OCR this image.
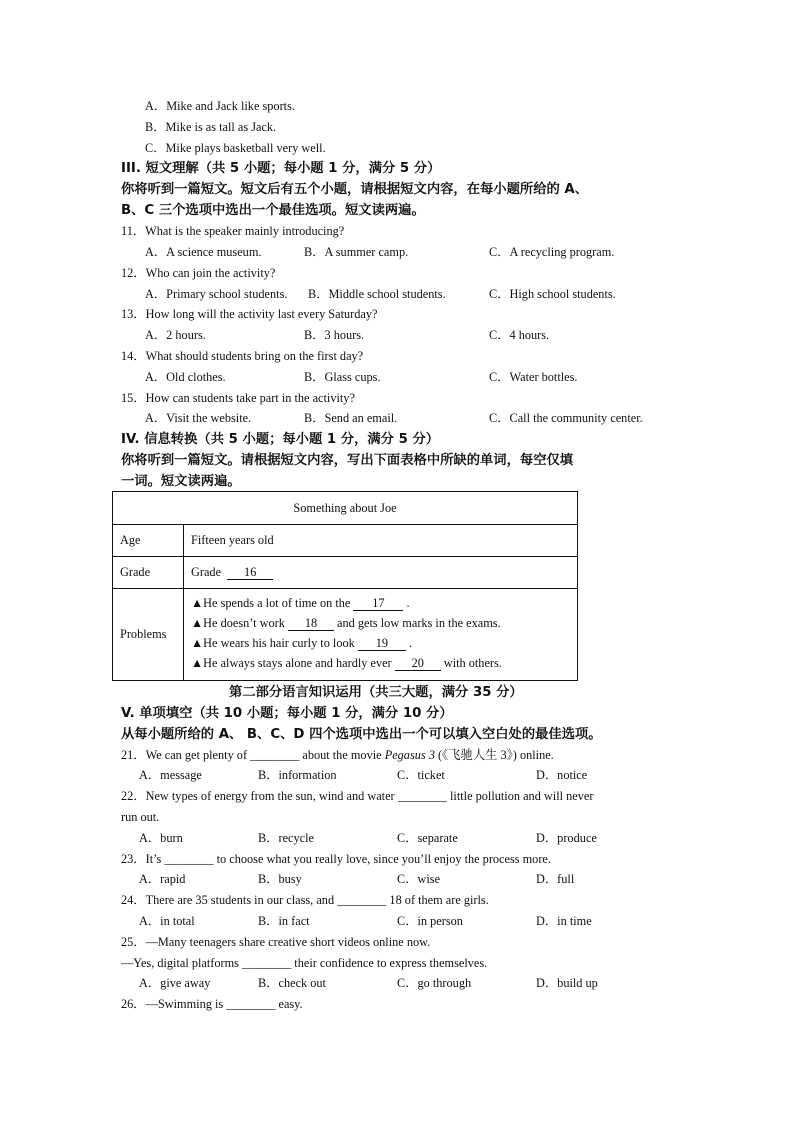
A．Mike and Jack like sports.
B．Mike is as tall as Jack.
C．Mike plays basketball very well.
III. 短文理解（共 5 小题；每小题 1 分，满分 5 分）
你将听到一篇短文。短文后有五个小题，请根据短文内容，在每小题所给的 A、
B、C 三个选项中选出一个最佳选项。短文读两遍。
11．What is the speaker mainly introducing?
A．A science museum.	B．A summer camp.	C．A recycling program.
12．Who can join the activity?
A．Primary school students. B．Middle school students.	C．High school students.
13．How long will the activity last every Saturday?
A．2 hours.	B．3 hours.	C．4 hours.
14．What should students bring on the first day?
A．Old clothes.	B．Glass cups.	C．Water bottles.
15．How can students take part in the activity?
A．Visit the website.	B．Send an email.	C．Call the community center.
IV. 信息转换（共 5 小题；每小题 1 分，满分 5 分）
你将听到一篇短文。请根据短文内容，写出下面表格中所缺的单词，每空仅填
一词。短文读两遍。
Something about Joe	
Age	Fifteen years old
Grade	Grade 16
Problems	▲He spends a lot of time on the 17 .
▲He doesn’t work 18 and gets low marks in the exams.
▲He wears his hair curly to look 19 .
▲He always stays alone and hardly ever 20 with others.
第二部分语言知识运用（共三大题，满分 35 分）
V. 单项填空（共 10 小题；每小题 1 分，满分 10 分）
从每小题所给的 A、 B、C、D 四个选项中选出一个可以填入空白处的最佳选项。
21．We can get plenty of ________ about the movie Pegasus 3 (《飞驰人生 3》) online.
A．message	B．information	C．ticket	D．notice
22．New types of energy from the sun, wind and water ________ little pollution and will never
run out.
A．burn	B．recycle	C．separate	D．produce
23．It’s ________ to choose what you really love, since you’ll enjoy the process more.
A．rapid	B．busy	C．wise	D．full
24．There are 35 students in our class, and ________ 18 of them are girls.
A．in total	B．in fact	C．in person	D．in time
25．—Many teenagers share creative short videos online now.
—Yes, digital platforms ________ their confidence to express themselves.
A．give away	B．check out	C．go through	D．build up
26．—Swimming is ________ easy.
